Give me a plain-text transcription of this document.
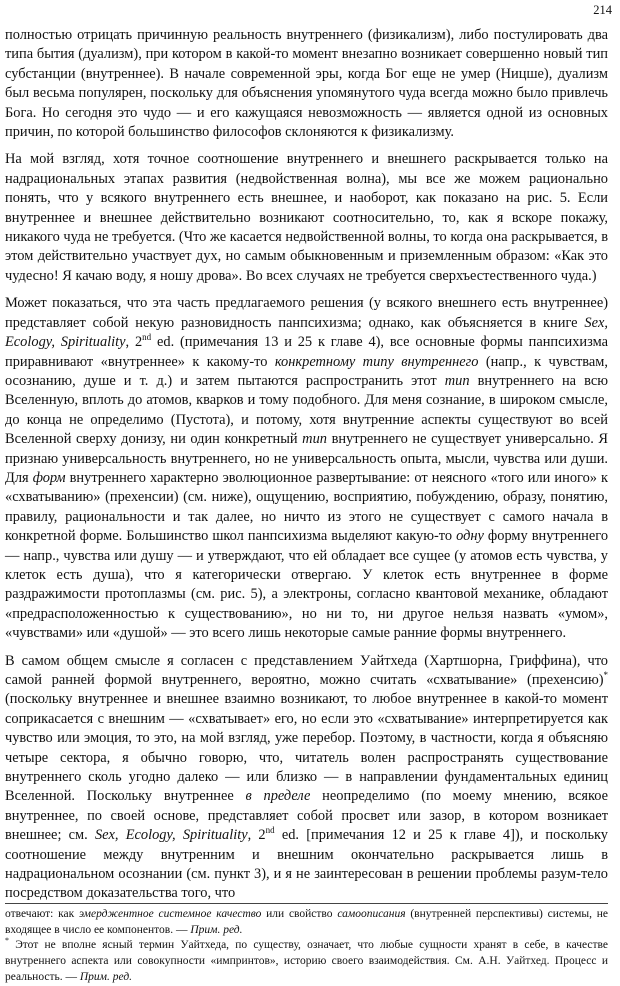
214

полностью отрицать причинную реальность внутреннего (физикализм), либо постулировать два типа бытия (дуализм), при котором в какой-то момент внезапно возникает совершенно новый тип субстанции (внутреннее). В начале современной эры, когда Бог еще не умер (Ницше), дуализм был весьма популярен, поскольку для объяснения упомянутого чуда всегда можно было привлечь Бога. Но сегодня это чудо — и его кажущаяся невозможность — является одной из основных причин, по которой большинство философов склоняются к физикализму.

На мой взгляд, хотя точное соотношение внутреннего и внешнего раскрывается только на надрациональных этапах развития (недвойственная волна), мы все же можем рационально понять, что у всякого внутреннего есть внешнее, и наоборот, как показано на рис. 5. Если внутреннее и внешнее действительно возникают соотносительно, то, как я вскоре покажу, никакого чуда не требуется. (Что же касается недвойственной волны, то когда она раскрывается, в этом действительно участвует дух, но самым обыкновенным и приземленным образом: «Как это чудесно! Я качаю воду, я ношу дрова». Во всех случаях не требуется сверхъестественного чуда.)

Может показаться, что эта часть предлагаемого решения (у всякого внешнего есть внутреннее) представляет собой некую разновидность панпсихизма; однако, как объясняется в книге Sex, Ecology, Spirituality, 2nd ed. (примечания 13 и 25 к главе 4), все основные формы панпсихизма приравнивают «внутреннее» к какому-то конкретному типу внутреннего (напр., к чувствам, осознанию, душе и т. д.) и затем пытаются распространить этот тип внутреннего на всю Вселенную, вплоть до атомов, кварков и тому подобного. Для меня сознание, в широком смысле, до конца не определимо (Пустота), и потому, хотя внутренние аспекты существуют во всей Вселенной сверху донизу, ни один конкретный тип внутреннего не существует универсально. Я признаю универсальность внутреннего, но не универсальность опыта, мысли, чувства или души. Для форм внутреннего характерно эволюционное развертывание: от неясного «того или иного» к «схватыванию» (прехенсии) (см. ниже), ощущению, восприятию, побуждению, образу, понятию, правилу, рациональности и так далее, но ничто из этого не существует с самого начала в конкретной форме. Большинство школ панпсихизма выделяют какую-то одну форму внутреннего — напр., чувства или душу — и утверждают, что ей обладает все сущее (у атомов есть чувства, у клеток есть душа), что я категорически отвергаю. У клеток есть внутреннее в форме раздражимости протоплазмы (см. рис. 5), а электроны, согласно квантовой механике, обладают «предрасположенностью к существованию», но ни то, ни другое нельзя назвать «умом», «чувствами» или «душой» — это всего лишь некоторые самые ранние формы внутреннего.

В самом общем смысле я согласен с представлением Уайтхеда (Хартшорна, Гриффина), что самой ранней формой внутреннего, вероятно, можно считать «схватывание» (прехенсию)* (поскольку внутреннее и внешнее взаимно возникают, то любое внутреннее в какой-то момент соприкасается с внешним — «схватывает» его, но если это «схватывание» интерпретируется как чувство или эмоция, то это, на мой взгляд, уже перебор. Поэтому, в частности, когда я объясняю четыре сектора, я обычно говорю, что, читатель волен распространять существование внутреннего сколь угодно далеко — или близко — в направлении фундаментальных единиц Вселенной. Поскольку внутреннее в пределе неопределимо (по моему мнению, всякое внутреннее, по своей основе, представляет собой просвет или зазор, в котором возникает внешнее; см. Sex, Ecology, Spirituality, 2nd ed. [примечания 12 и 25 к главе 4]), и поскольку соотношение между внутренним и внешним окончательно раскрывается лишь в надрациональном осознании (см. пункт 3), и я не заинтересован в решении проблемы разум-тело посредством доказательства того, что

отвечают: как эмерджентное системное качество или свойство самоописания (внутренней перспективы) системы, не входящее в число ее компонентов. — Прим. ред.

* Этот не вполне ясный термин Уайтхеда, по существу, означает, что любые сущности хранят в себе, в качестве внутреннего аспекта или совокупности «импринтов», историю своего взаимодействия. См. А.Н. Уайтхед. Процесс и реальность. — Прим. ред.
